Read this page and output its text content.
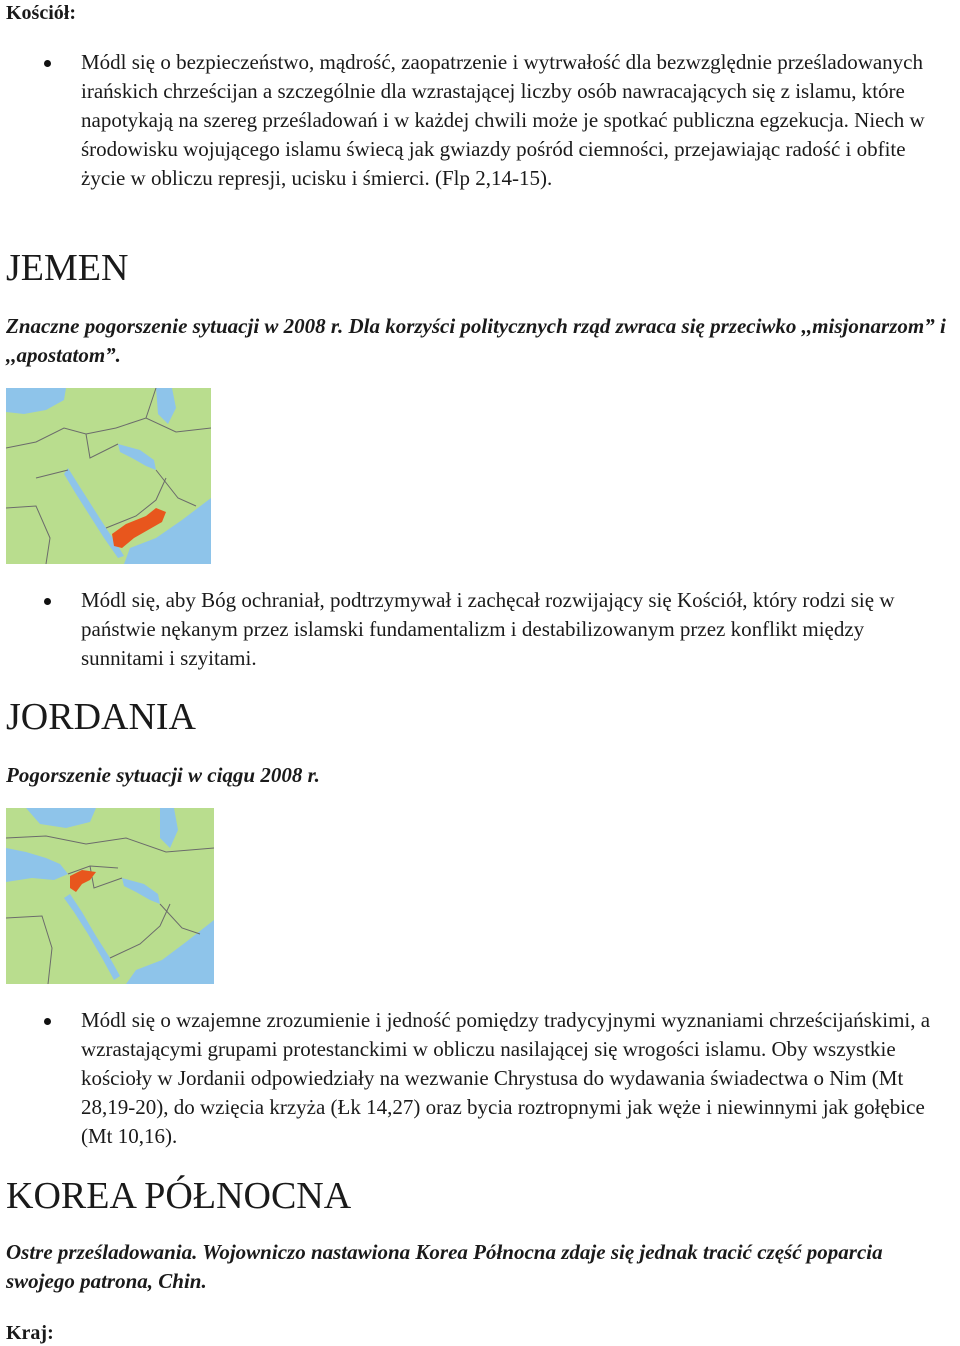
Kościół:
Módl się o bezpieczeństwo, mądrość, zaopatrzenie i wytrwałość dla bezwzględnie prześladowanych irańskich chrześcijan a szczególnie dla wzrastającej liczby osób nawracających się z islamu, które napotykają na szereg prześladowań i w każdej chwili może je spotkać publiczna egzekucja. Niech w środowisku wojującego islamu świecą jak gwiazdy pośród ciemności, przejawiając radość i obfite życie w obliczu represji, ucisku i śmierci. (Flp 2,14-15).
JEMEN
Znaczne pogorszenie sytuacji w 2008 r. Dla korzyści politycznych rząd zwraca się przeciwko ,,misjonarzom” i ,,apostatom”.
Módl się, aby Bóg ochraniał, podtrzymywał i zachęcał rozwijający się Kościół, który rodzi się w państwie nękanym przez islamski fundamentalizm i destabilizowanym przez konflikt między sunnitami i szyitami.
JORDANIA
Pogorszenie sytuacji w ciągu 2008 r.
Módl się o wzajemne zrozumienie i jedność pomiędzy tradycyjnymi wyznaniami chrześcijańskimi, a wzrastającymi grupami protestanckimi w obliczu nasilającej się wrogości islamu. Oby wszystkie kościoły w Jordanii odpowiedziały na wezwanie Chrystusa do wydawania świadectwa o Nim (Mt 28,19-20), do wzięcia krzyża (Łk 14,27) oraz bycia roztropnymi jak węże i niewinnymi jak gołębice (Mt 10,16).
KOREA PÓŁNOCNA
Ostre prześladowania. Wojowniczo nastawiona Korea Północna zdaje się jednak tracić część poparcia swojego patrona, Chin.
Kraj:
